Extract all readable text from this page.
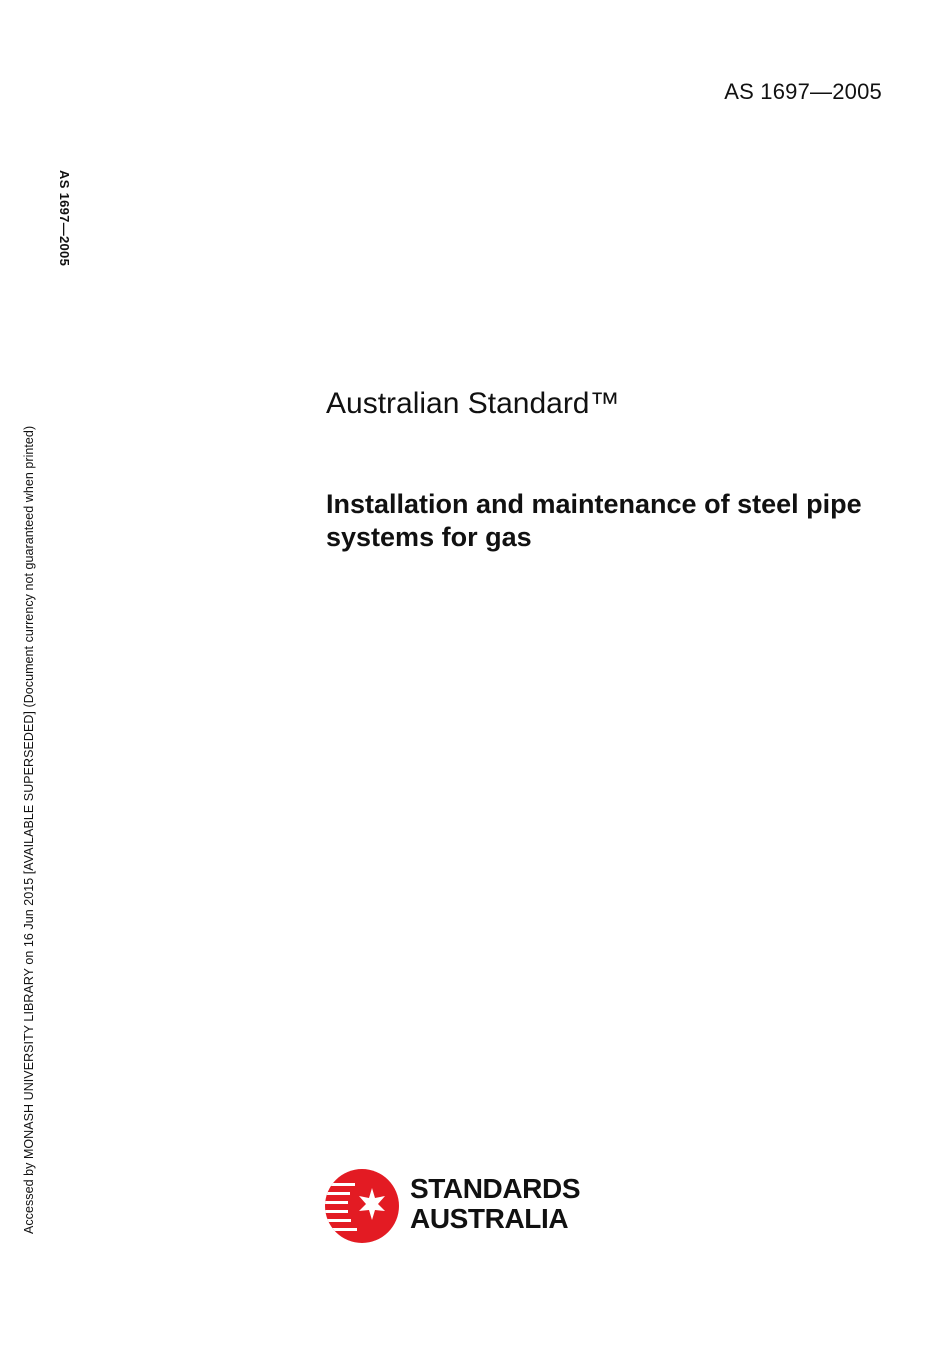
AS 1697—2005
AS 1697—2005
Accessed by MONASH UNIVERSITY LIBRARY on 16 Jun 2015 [AVAILABLE SUPERSEDED] (Document currency not guaranteed when printed)
Australian Standard™
Installation and maintenance of steel pipe systems for gas
STANDARDS
AUSTRALIA
